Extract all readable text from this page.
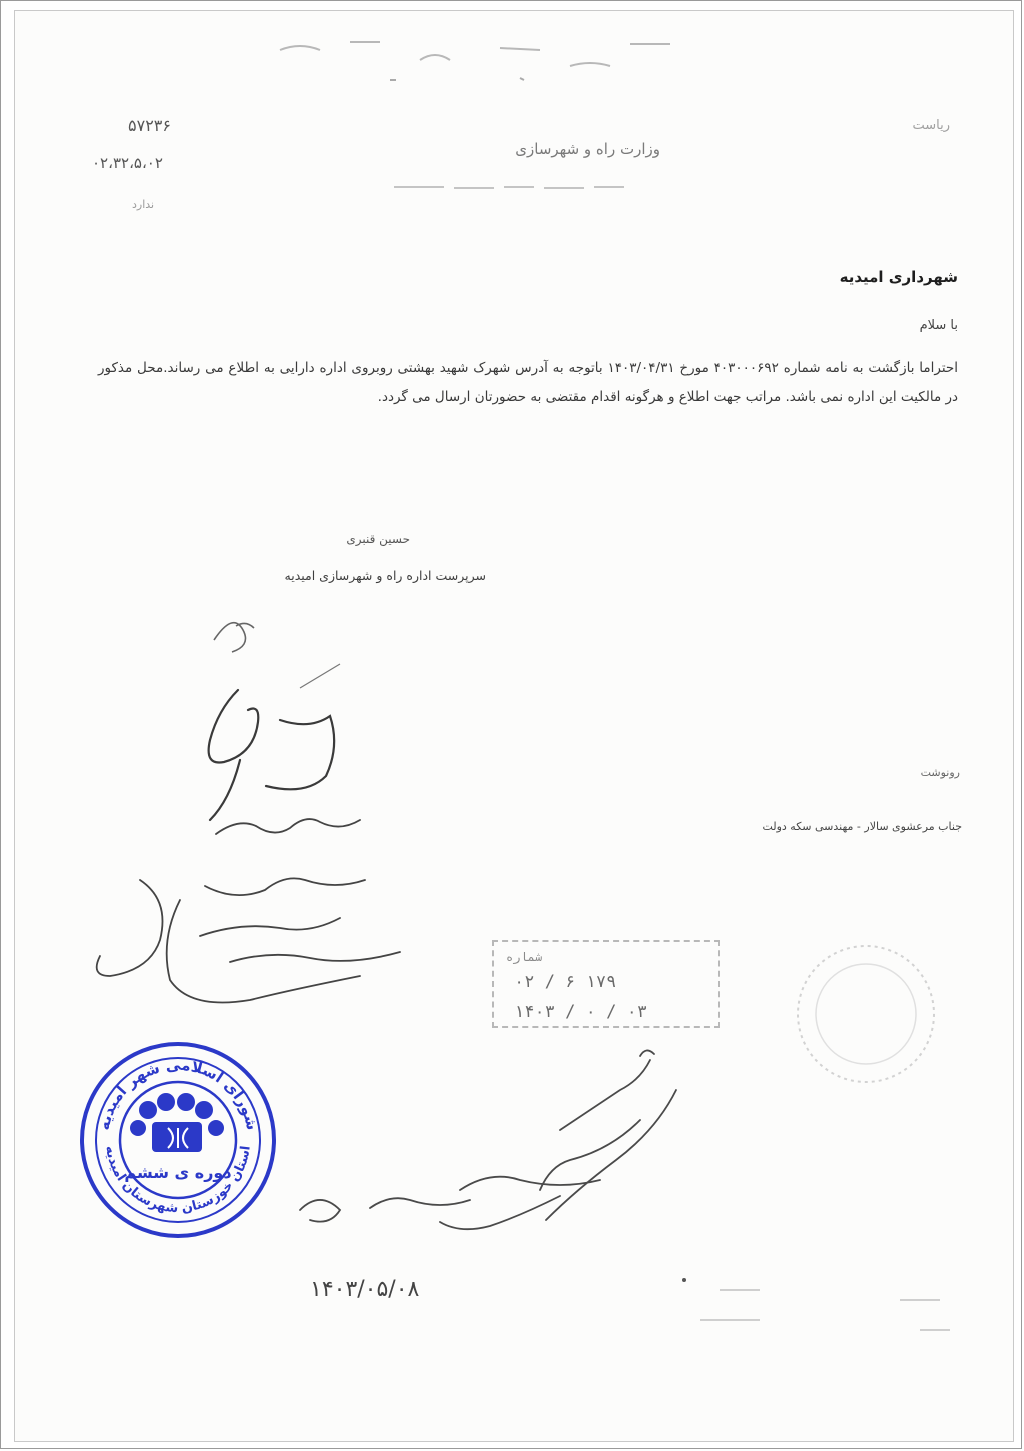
۵۷۲۳۶
۰۲،۳۲،۵،۰۲
ندارد
وزارت راه و شهرسازی
ریاست
شهرداری امیدیه
با سلام
احتراما بازگشت به نامه شماره ۴۰۳۰۰۰۶۹۲ مورخ ۱۴۰۳/۰۴/۳۱ باتوجه به آدرس شهرک شهید بهشتی روبروی اداره دارایی به اطلاع می رساند.محل مذکور در مالکیت این اداره نمی باشد. مراتب جهت اطلاع و هرگونه اقدام مقتضی به حضورتان ارسال می گردد.
حسین قنبری
سرپرست اداره راه و شهرسازی امیدیه
رونوشت
جناب مرعشوی سالار - مهندسی سکه دولت
شماره
۰۲ / ۶ ۱۷۹
۱۴۰۳ / ۰ / ۰۳
شورای اسلامی شهر امیدیه
استان خوزستان شهرستان امیدیه
دوره ی ششم
۱۴۰۳/۰۵/۰۸
